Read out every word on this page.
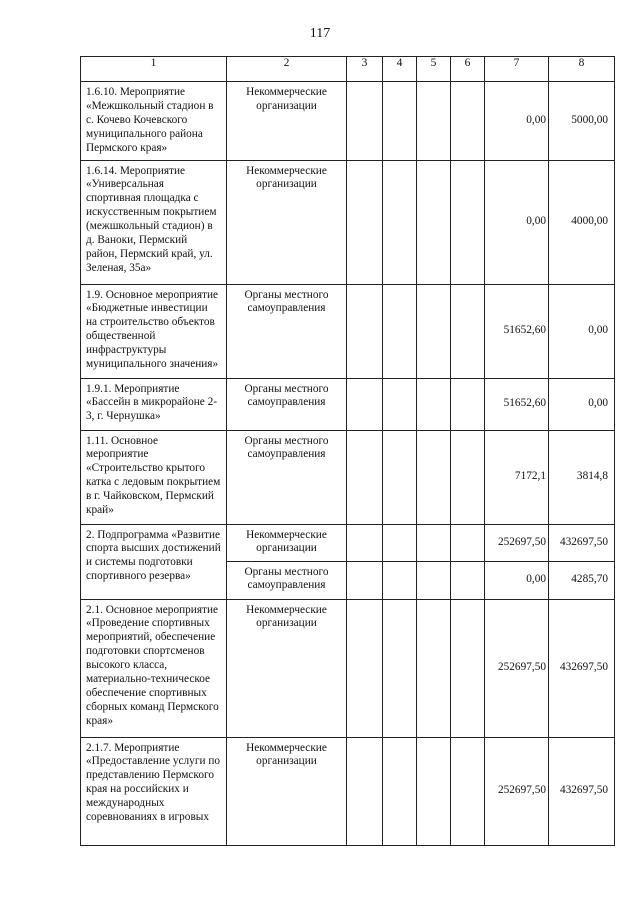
117
1	2	3	4	5	6	7	8
1.6.10. Мероприятие «Межшкольный стадион в с. Кочево Кочевского муниципального района Пермского края»	Некоммерческие организации					0,00	5000,00
1.6.14. Мероприятие «Универсальная спортивная площадка с искусственным покрытием (межшкольный стадион) в д. Ваноки, Пермский район, Пермский край, ул. Зеленая, 35а»	Некоммерческие организации					0,00	4000,00
1.9. Основное мероприятие «Бюджетные инвестиции на строительство объектов общественной инфраструктуры муниципального значения»	Органы местного самоуправления					51652,60	0,00
1.9.1. Мероприятие «Бассейн в микрорайоне 2-3, г. Чернушка»	Органы местного самоуправления					51652,60	0,00
1.11. Основное мероприятие «Строительство крытого катка с ледовым покрытием в г. Чайковском, Пермский край»	Органы местного самоуправления					7172,1	3814,8
2. Подпрограмма «Развитие спорта высших достижений и системы подготовки спортивного резерва»	Некоммерческие организации					252697,50	432697,50
	Органы местного самоуправления					0,00	4285,70
2.1. Основное мероприятие «Проведение спортивных мероприятий, обеспечение подготовки спортсменов высокого класса, материально-техническое обеспечение спортивных сборных команд Пермского края»	Некоммерческие организации					252697,50	432697,50
2.1.7. Мероприятие «Предоставление услуги по представлению Пермского края на российских и международных соревнованиях в игровых	Некоммерческие организации					252697,50	432697,50
